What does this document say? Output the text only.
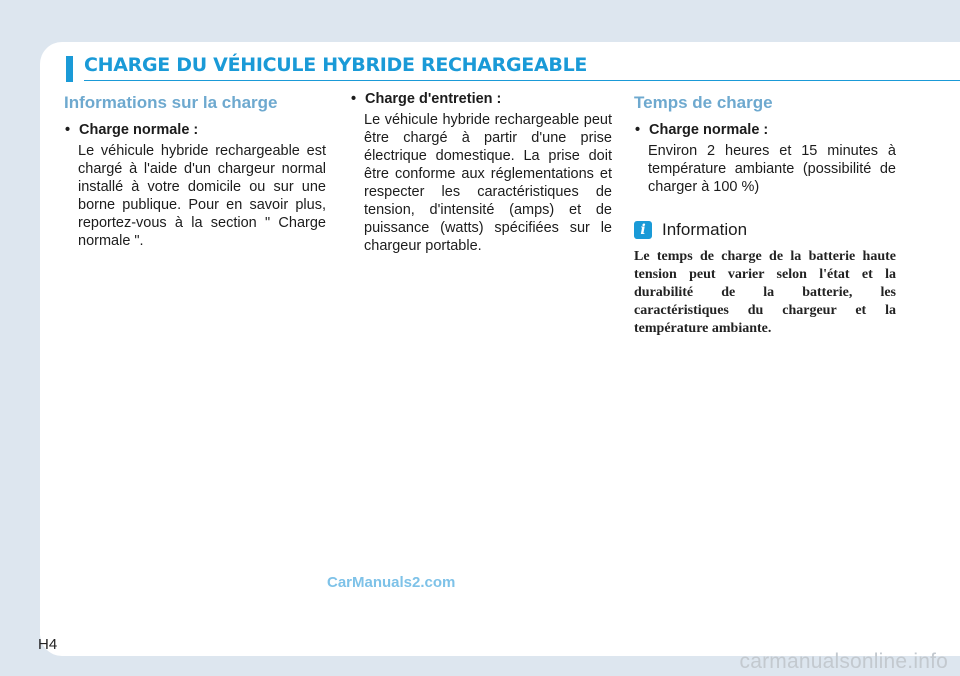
CHARGE DU VÉHICULE HYBRIDE RECHARGEABLE
Informations sur la charge
• Charge normale :

Le véhicule hybride rechargeable est chargé à l'aide d'un chargeur normal installé à votre domicile ou sur une borne publique. Pour en savoir plus, reportez-vous à la section " Charge normale ".

• Charge d'entretien :

Le véhicule hybride rechargeable peut être chargé à partir d'une prise électrique domestique. La prise doit être conforme aux réglementations et respecter les caractéristiques de tension, d'intensité (amps) et de puissance (watts) spécifiées sur le chargeur portable.

Temps de charge
• Charge normale :

Environ 2 heures et 15 minutes à température ambiante (possibilité de charger à 100 %)

i Information

Le temps de charge de la batterie haute tension peut varier selon l'état et la durabilité de la batterie, les caractéristiques du chargeur et la température ambiante.

CarManuals2.com
H4
carmanualsonline.info
